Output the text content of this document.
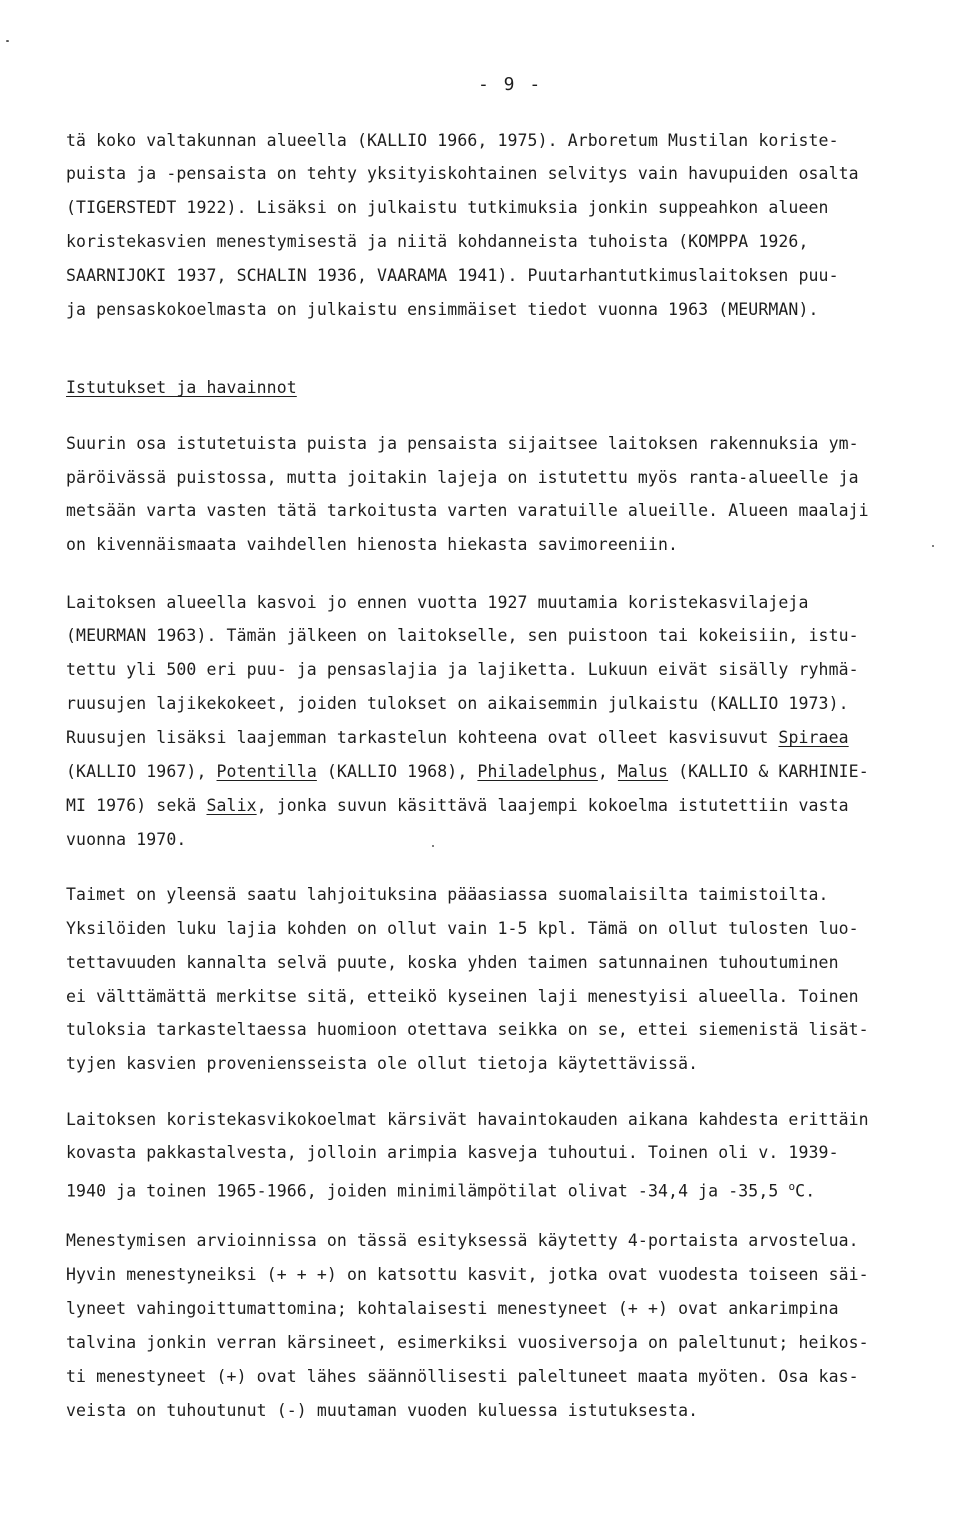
- 9 -
tä koko valtakunnan alueella (KALLIO 1966, 1975). Arboretum Mustilan koriste-
puista ja -pensaista on tehty yksityiskohtainen selvitys vain havupuiden osalta
(TIGERSTEDT 1922). Lisäksi on julkaistu tutkimuksia jonkin suppeahkon alueen
koristekasvien menestymisestä ja niitä kohdanneista tuhoista (KOMPPA 1926,
SAARNIJOKI 1937, SCHALIN 1936, VAARAMA 1941). Puutarhantutkimuslaitoksen puu-
ja pensaskokoelmasta on julkaistu ensimmäiset tiedot vuonna 1963 (MEURMAN).
Istutukset ja havainnot
Suurin osa istutetuista puista ja pensaista sijaitsee laitoksen rakennuksia ym-
päröivässä puistossa, mutta joitakin lajeja on istutettu myös ranta-alueelle ja
metsään varta vasten tätä tarkoitusta varten varatuille alueille. Alueen maalaji
on kivennäismaata vaihdellen hienosta hiekasta savimoreeniin.
Laitoksen alueella kasvoi jo ennen vuotta 1927 muutamia koristekasvilajeja
(MEURMAN 1963). Tämän jälkeen on laitokselle, sen puistoon tai kokeisiin, istu-
tettu yli 500 eri puu- ja pensaslajia ja lajiketta. Lukuun eivät sisälly ryhmä-
ruusujen lajikekokeet, joiden tulokset on aikaisemmin julkaistu (KALLIO 1973).
Ruusujen lisäksi laajemman tarkastelun kohteena ovat olleet kasvisuvut Spiraea
(KALLIO 1967), Potentilla (KALLIO 1968), Philadelphus, Malus (KALLIO & KARHINIE-
MI 1976) sekä Salix, jonka suvun käsittävä laajempi kokoelma istutettiin vasta
vuonna 1970.
Taimet on yleensä saatu lahjoituksina pääasiassa suomalaisilta taimistoilta.
Yksilöiden luku lajia kohden on ollut vain 1-5 kpl. Tämä on ollut tulosten luo-
tettavuuden kannalta selvä puute, koska yhden taimen satunnainen tuhoutuminen
ei välttämättä merkitse sitä, etteikö kyseinen laji menestyisi alueella. Toinen
tuloksia tarkasteltaessa huomioon otettava seikka on se, ettei siemenistä lisät-
tyjen kasvien proveniensseista ole ollut tietoja käytettävissä.
Laitoksen koristekasvikokoelmat kärsivät havaintokauden aikana kahdesta erittäin
kovasta pakkastalvesta, jolloin arimpia kasveja tuhoutui. Toinen oli v. 1939-
1940 ja toinen 1965-1966, joiden minimilämpötilat olivat -34,4 ja -35,5 $^o$C.
Menestymisen arvioinnissa on tässä esityksessä käytetty 4-portaista arvostelua.
Hyvin menestyneiksi (+ + +) on katsottu kasvit, jotka ovat vuodesta toiseen säi-
lyneet vahingoittumattomina; kohtalaisesti menestyneet (+ +) ovat ankarimpina
talvina jonkin verran kärsineet, esimerkiksi vuosiversoja on paleltunut; heikos-
ti menestyneet (+) ovat lähes säännöllisesti paleltuneet maata myöten. Osa kas-
veista on tuhoutunut (-) muutaman vuoden kuluessa istutuksesta.
